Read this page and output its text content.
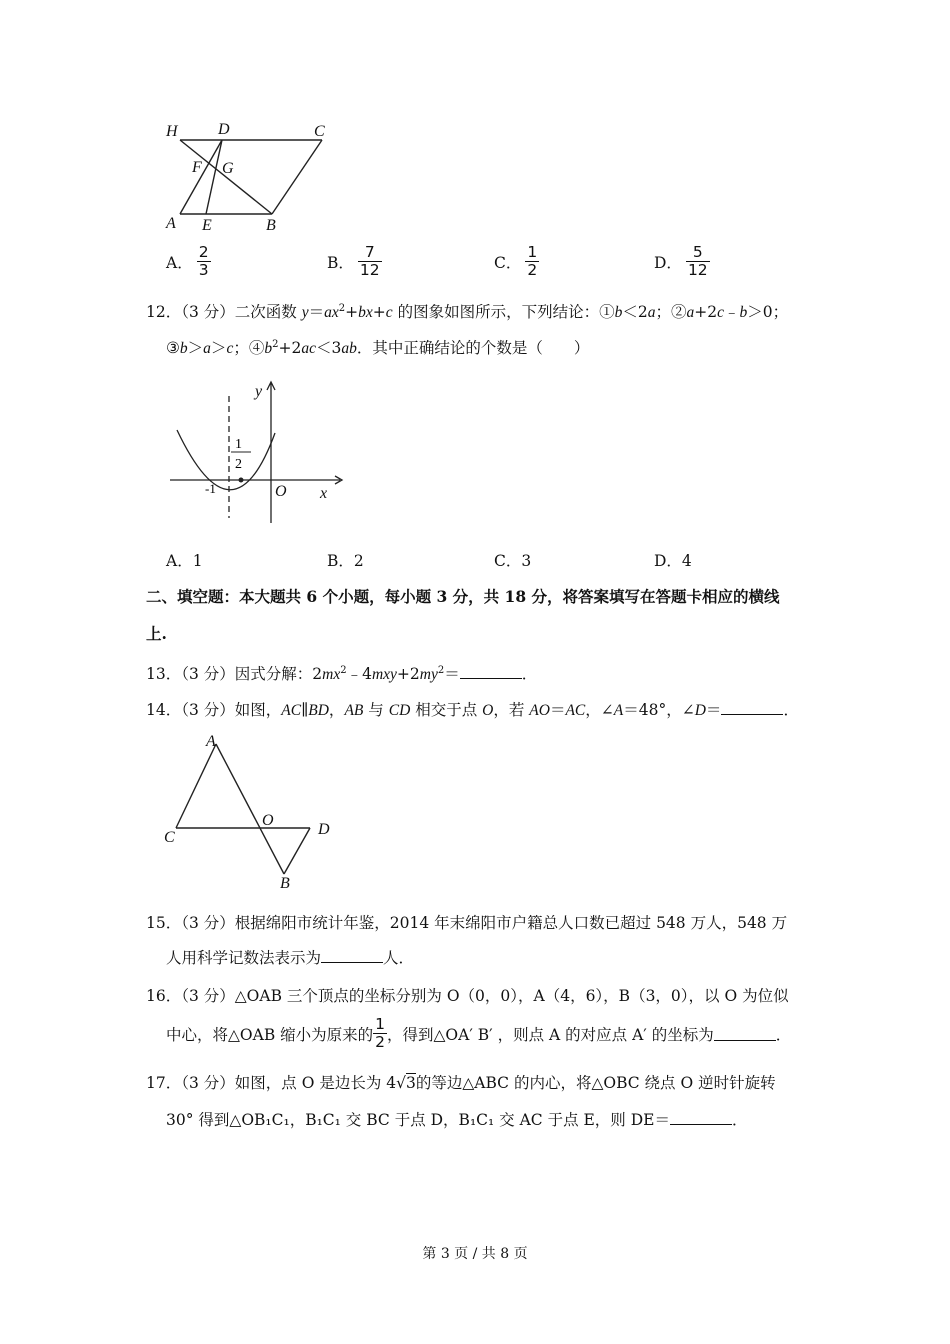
H	D	C
F G
A E	B
A． $\frac{2}{3}$	B． $\frac{7}{12}$	C． $\frac{1}{2}$	D． $\frac{5}{12}$
12．（3 分）二次函数 $y=ax^2+bx+c$ 的图象如图所示，下列结论：①b＜2a；②a+2c﹣b＞0；
③b＞a＞c；$④b^2+2ac<3ab$．其中正确结论的个数是（　　）
1
2
-1	O x
y
A．1	B．2	C．3	D．4
二、填空题：本大题共 6 个小题，每小题 3 分，共 18 分，将答案填写在答题卡相应的横线
上.
13．（3 分）因式分解：$2mx^2﹣4mxy+2my^2=$	．
14．（3 分）如图，AC∥BD，AB 与 CD 相交于点 O，若 AO＝AC，∠A＝48°，∠D＝	．
A
C
O
D
B
15．（3 分）根据绵阳市统计年鉴，2014 年末绵阳市户籍总人口数已超过 548 万人，548 万
人用科学记数法表示为	人．
16．（3 分）△OAB 三个顶点的坐标分别为 O（0，0），A（4，6），B（3，0），以 O 为位似
中心，将△OAB 缩小为原来的 $\frac{1}{2}$ ，得到△OA′ B′ ，则点 A 的对应点 A′ 的坐标为	．
17．（3 分）如图，点 O 是边长为 4√3的等边△ABC 的内心，将△OBC 绕点 O 逆时针旋转
30° 得到△OB₁C₁，B₁C₁ 交 BC 于点 D，B₁C₁ 交 AC 于点 E，则 DE＝	．
第 3 页 / 共 8 页
